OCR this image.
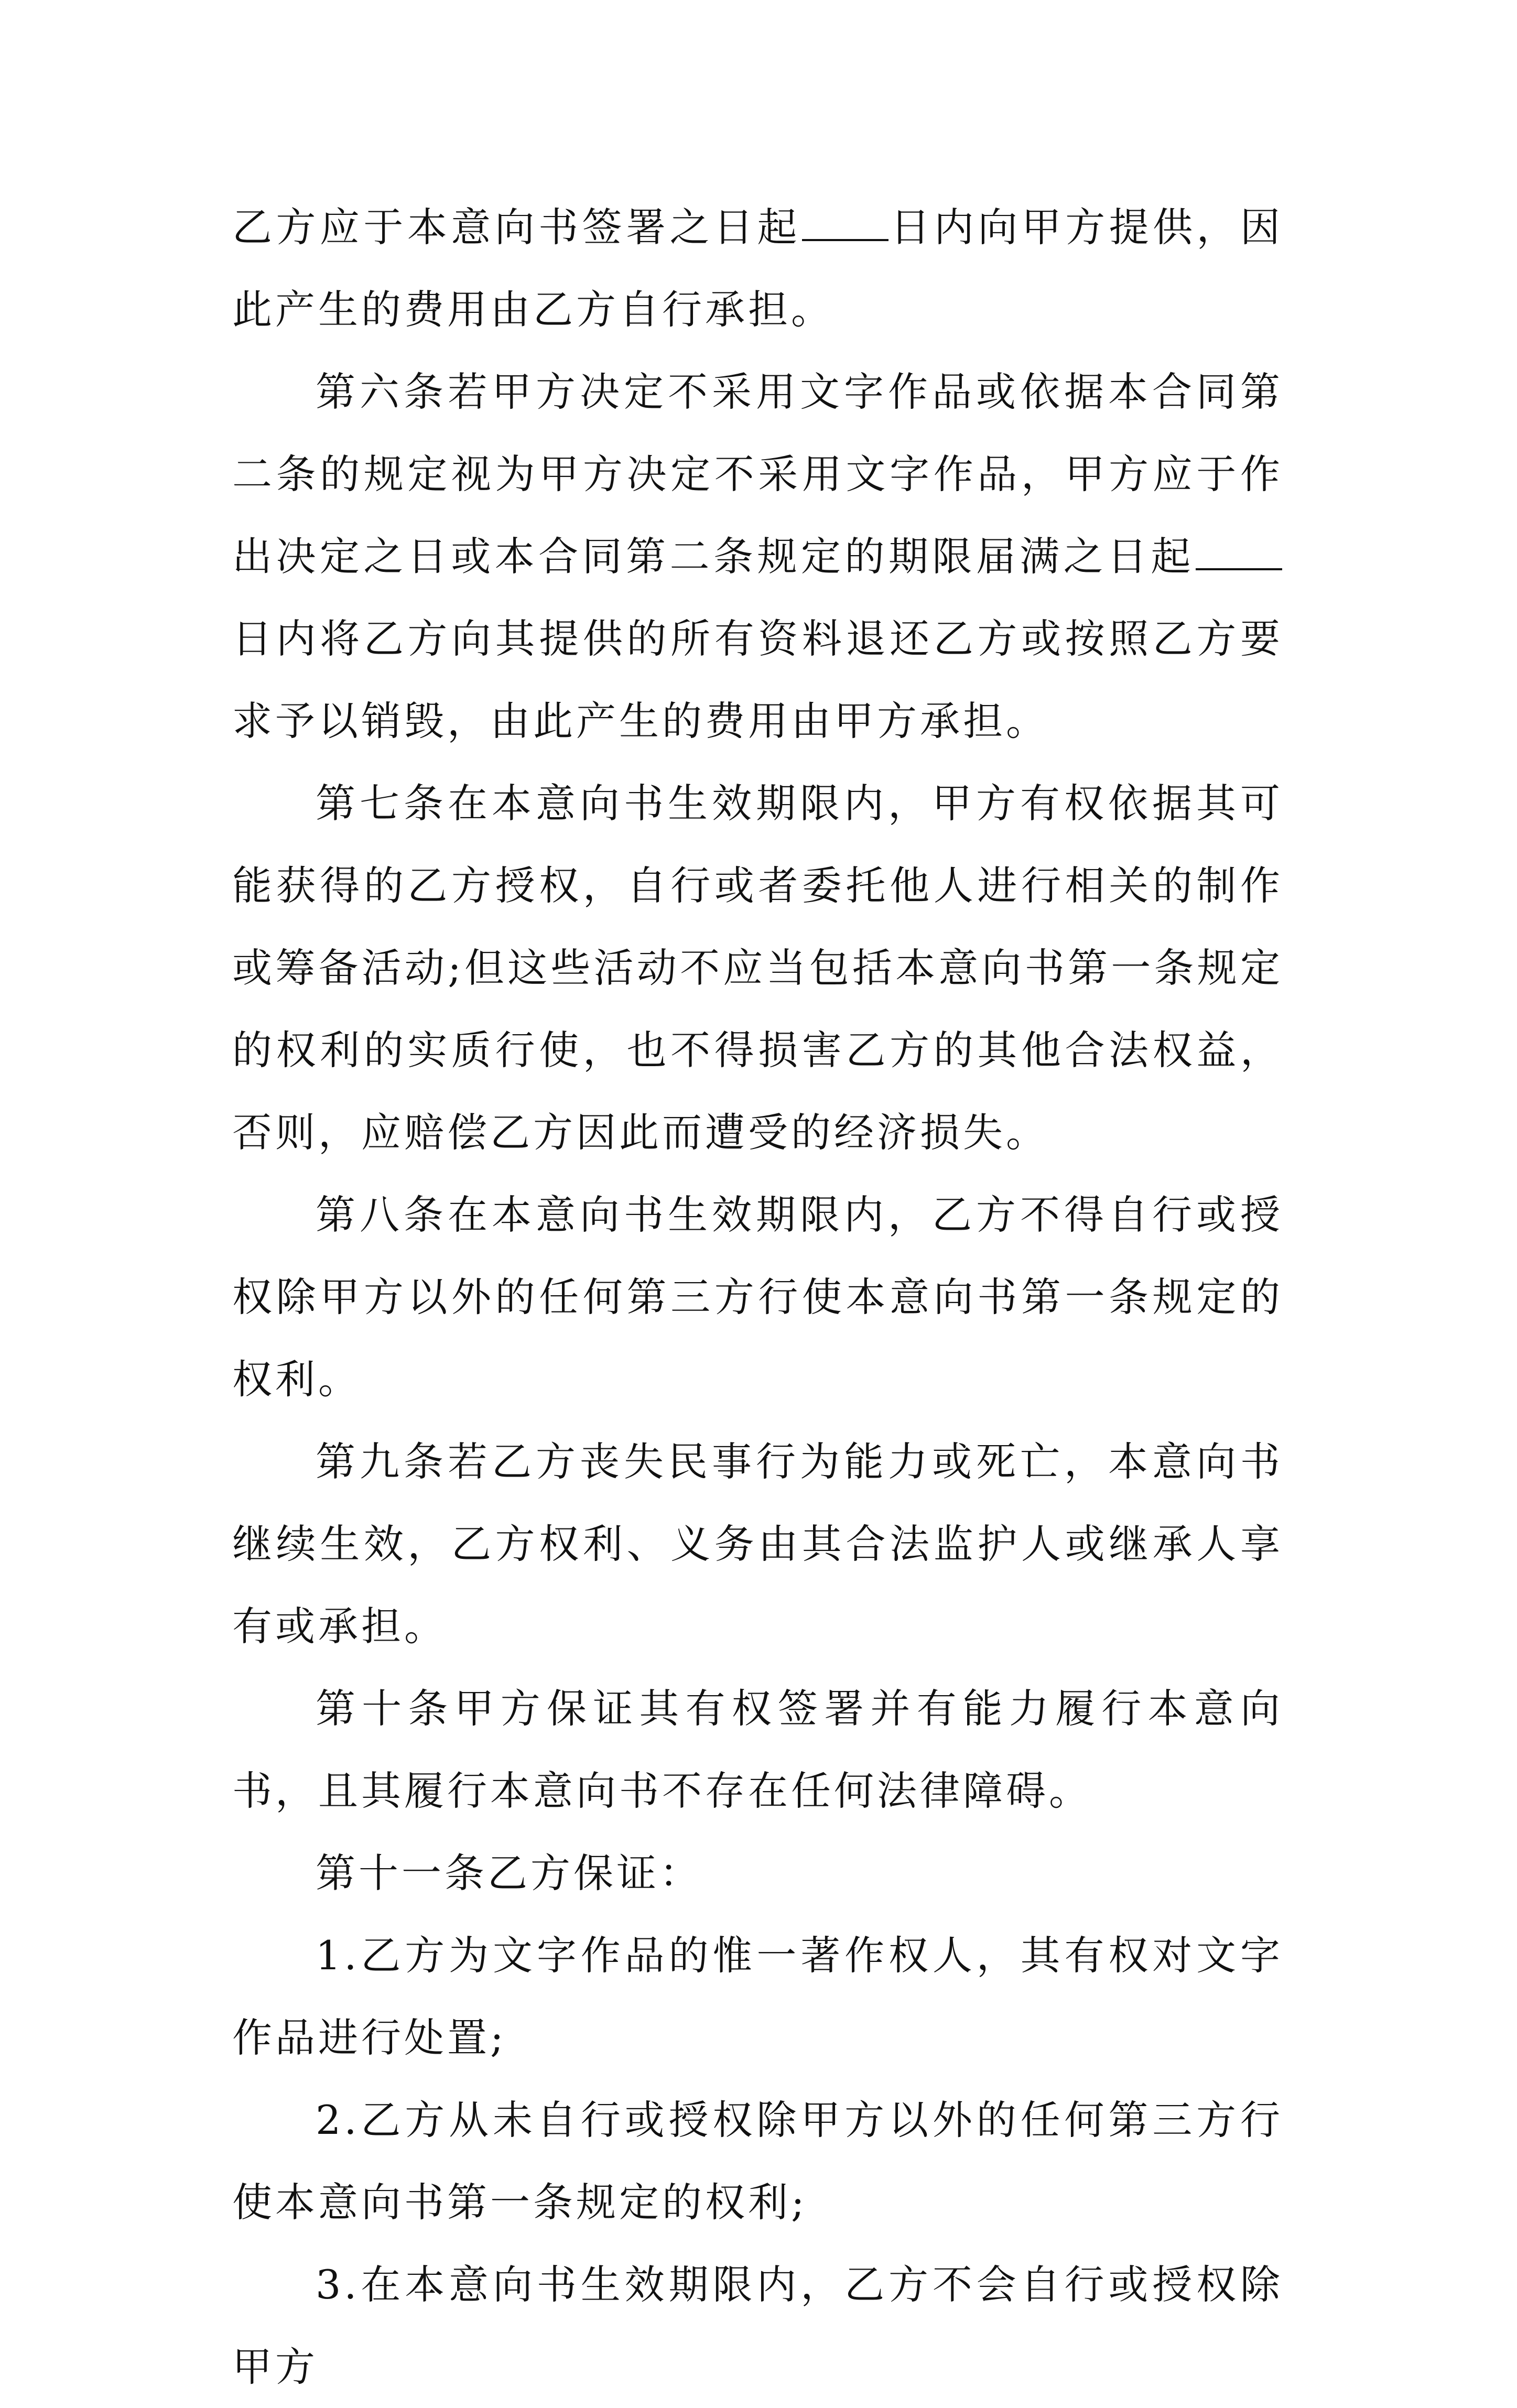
乙方应于本意向书签署之日起 日内向甲方提供，因此产生的费用由乙方自行承担。

第六条若甲方决定不采用文字作品或依据本合同第二条的规定视为甲方决定不采用文字作品，甲方应于作出决定之日或本合同第二条规定的期限届满之日起日内将乙方向其提供的所有资料退还乙方或按照乙方要求予以销毁，由此产生的费用由甲方承担。

第七条在本意向书生效期限内，甲方有权依据其可能获得的乙方授权，自行或者委托他人进行相关的制作或筹备活动;但这些活动不应当包括本意向书第一条规定的权利的实质行使，也不得损害乙方的其他合法权益，否则，应赔偿乙方因此而遭受的经济损失。

第八条在本意向书生效期限内，乙方不得自行或授权除甲方以外的任何第三方行使本意向书第一条规定的权利。

第九条若乙方丧失民事行为能力或死亡，本意向书继续生效，乙方权利、义务由其合法监护人或继承人享有或承担。

第十条甲方保证其有权签署并有能力履行本意向书，且其履行本意向书不存在任何法律障碍。

第十一条乙方保证：

1.乙方为文字作品的惟一著作权人，其有权对文字作品进行处置;

2.乙方从未自行或授权除甲方以外的任何第三方行使本意向书第一条规定的权利;

3.在本意向书生效期限内，乙方不会自行或授权除甲方
